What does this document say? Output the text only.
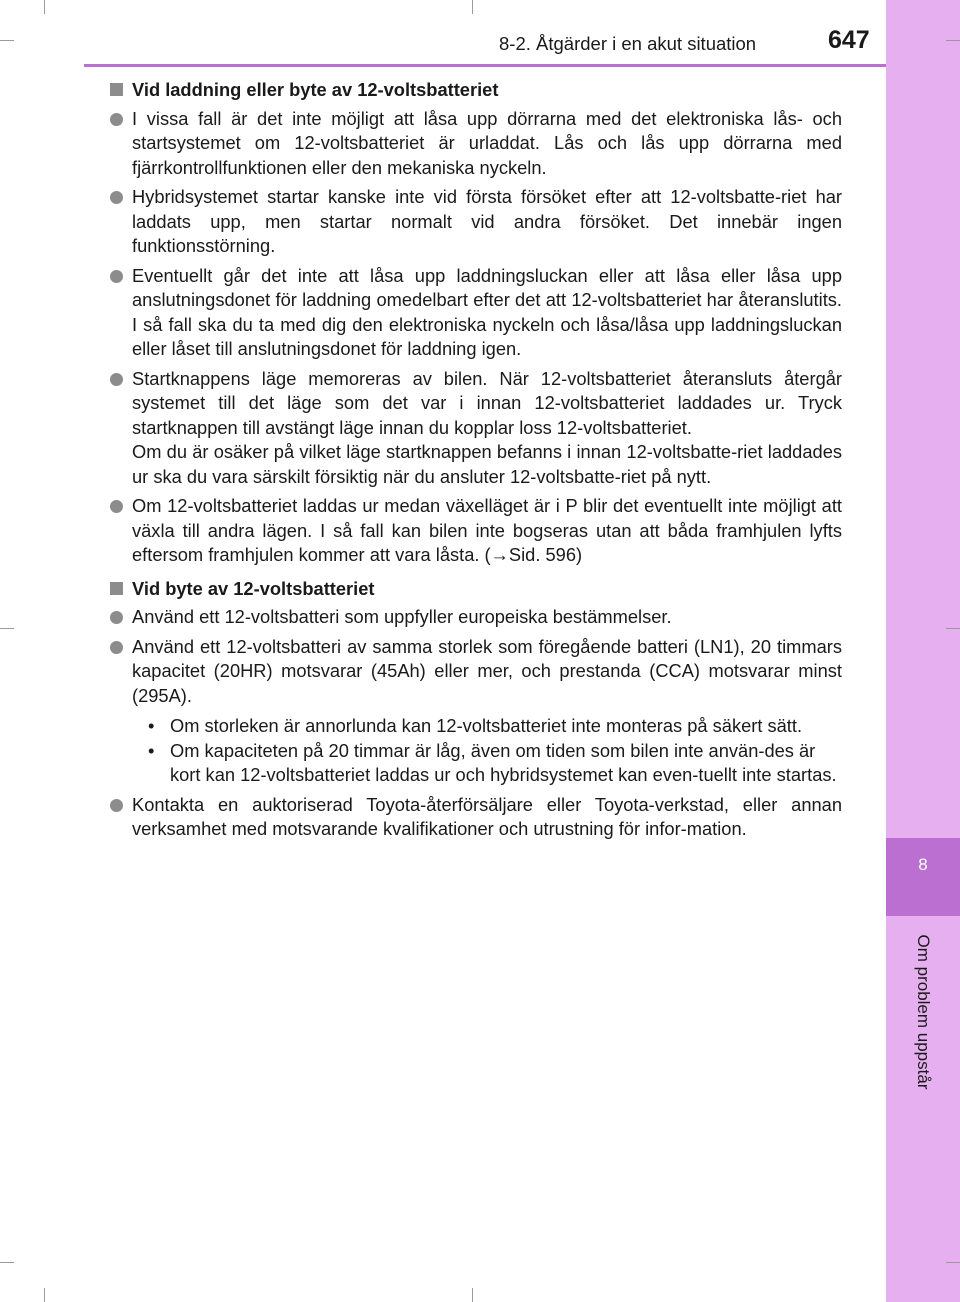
8
Om problem uppstår
8-2. Åtgärder i en akut situation	647
Vid laddning eller byte av 12-voltsbatteriet

I vissa fall är det inte möjligt att låsa upp dörrarna med det elektroniska lås- och startsystemet om 12-voltsbatteriet är urladdat. Lås och lås upp dörrarna med fjärrkontrollfunktionen eller den mekaniska nyckeln.

Hybridsystemet startar kanske inte vid första försöket efter att 12-voltsbatte-riet har laddats upp, men startar normalt vid andra försöket. Det innebär ingen funktionsstörning.

Eventuellt går det inte att låsa upp laddningsluckan eller att låsa eller låsa upp anslutningsdonet för laddning omedelbart efter det att 12-voltsbatteriet har återanslutits. I så fall ska du ta med dig den elektroniska nyckeln och låsa/låsa upp laddningsluckan eller låset till anslutningsdonet för laddning igen.

Startknappens läge memoreras av bilen. När 12-voltsbatteriet återansluts återgår systemet till det läge som det var i innan 12-voltsbatteriet laddades ur. Tryck startknappen till avstängt läge innan du kopplar loss 12-voltsbatteriet.

Om du är osäker på vilket läge startknappen befanns i innan 12-voltsbatte-riet laddades ur ska du vara särskilt försiktig när du ansluter 12-voltsbatte-riet på nytt.

Om 12-voltsbatteriet laddas ur medan växelläget är i P blir det eventuellt inte möjligt att växla till andra lägen. I så fall kan bilen inte bogseras utan att båda framhjulen lyfts eftersom framhjulen kommer att vara låsta. (→Sid. 596)

Vid byte av 12-voltsbatteriet

Använd ett 12-voltsbatteri som uppfyller europeiska bestämmelser.

Använd ett 12-voltsbatteri av samma storlek som föregående batteri (LN1), 20 timmars kapacitet (20HR) motsvarar (45Ah) eller mer, och prestanda (CCA) motsvarar minst (295A).

• Om storleken är annorlunda kan 12-voltsbatteriet inte monteras på säkert sätt.
• Om kapaciteten på 20 timmar är låg, även om tiden som bilen inte använ-des är kort kan 12-voltsbatteriet laddas ur och hybridsystemet kan even-tuellt inte startas.

Kontakta en auktoriserad Toyota-återförsäljare eller Toyota-verkstad, eller annan verksamhet med motsvarande kvalifikationer och utrustning för infor-mation.
